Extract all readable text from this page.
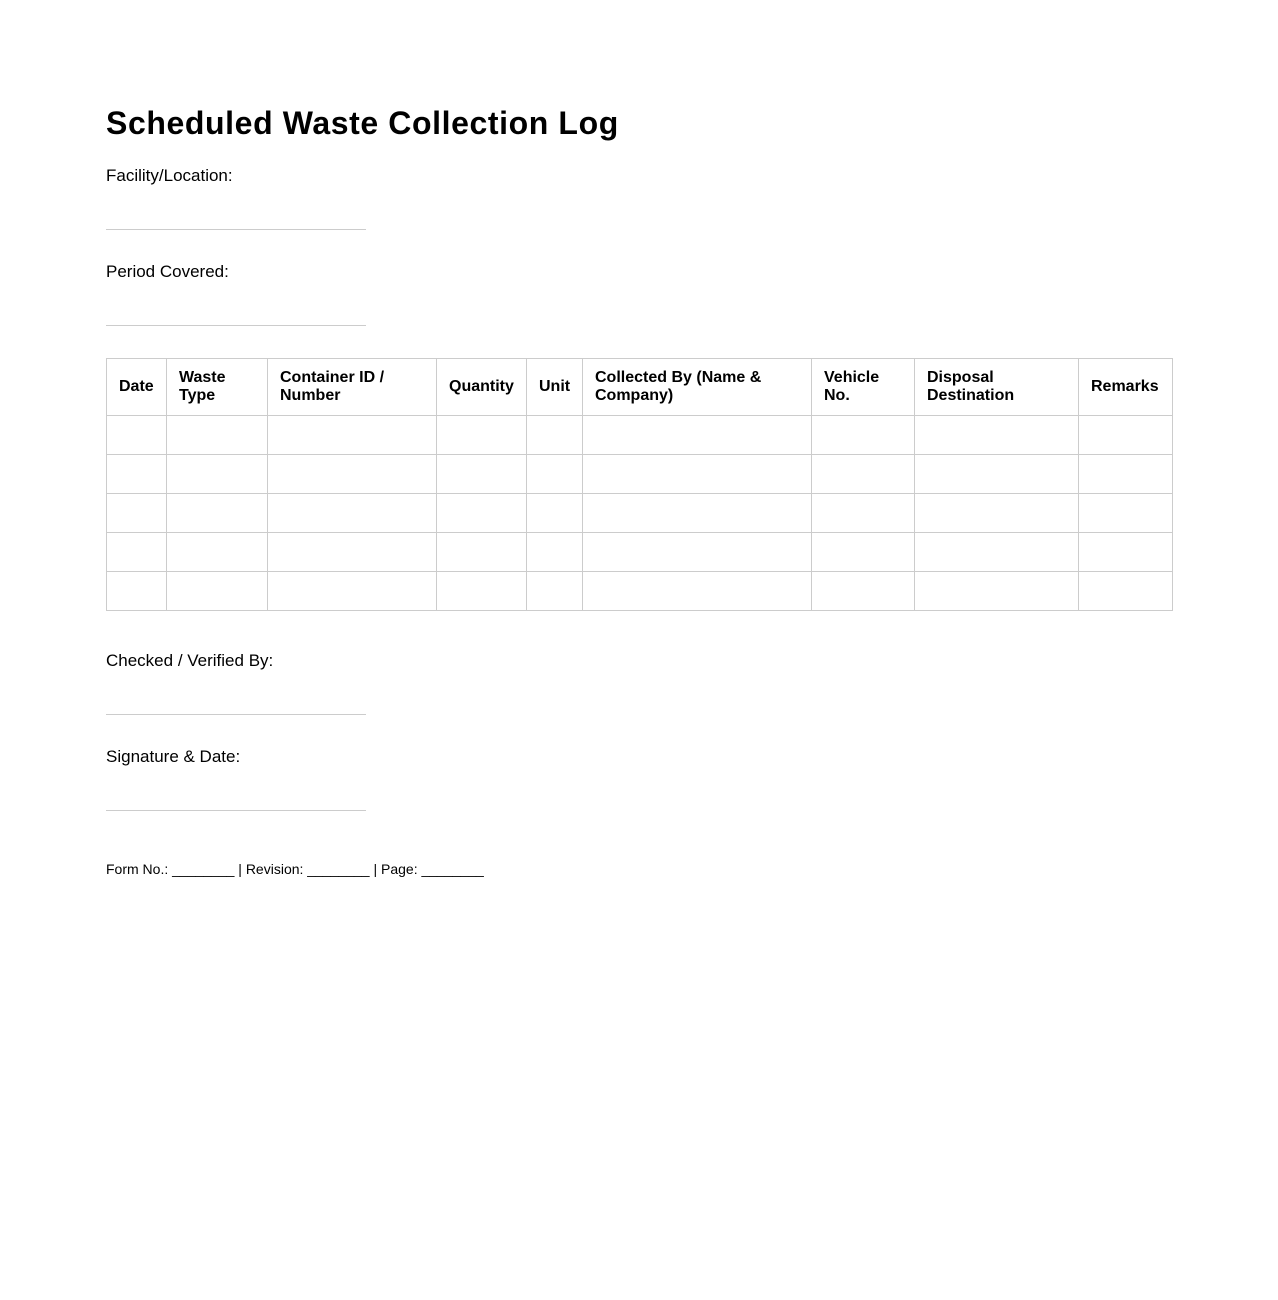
Scheduled Waste Collection Log
Facility/Location:
Period Covered:
Date	Waste Type	Container ID / Number	Quantity	Unit	Collected By (Name & Company)	Vehicle No.	Disposal Destination	Remarks

Checked / Verified By:
Signature & Date:
Form No.: ________ | Revision: ________ | Page: ________
